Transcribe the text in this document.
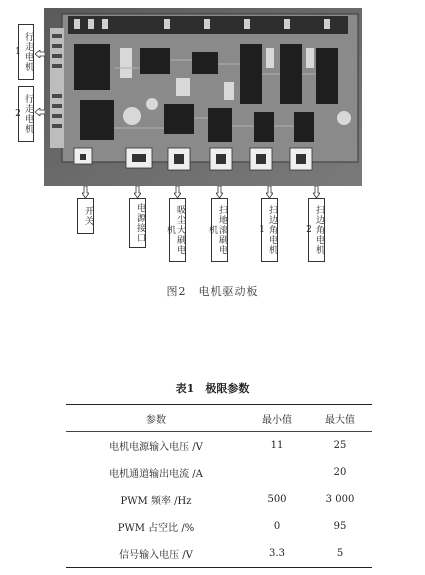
行走电机1
行走电机2
开关	电源接口	吸尘大刷电机	扫地滚刷电机	扫边角电机1	扫边角电机2
图2　电机驱动板
表1　极限参数
参数	最小值	最大值
电机电源输入电压 /V	11	25
电机通道输出电流 /A		20
PWM 频率 /Hz	500	3 000
PWM 占空比 /%	0	95
信号输入电压 /V	3.3	5
